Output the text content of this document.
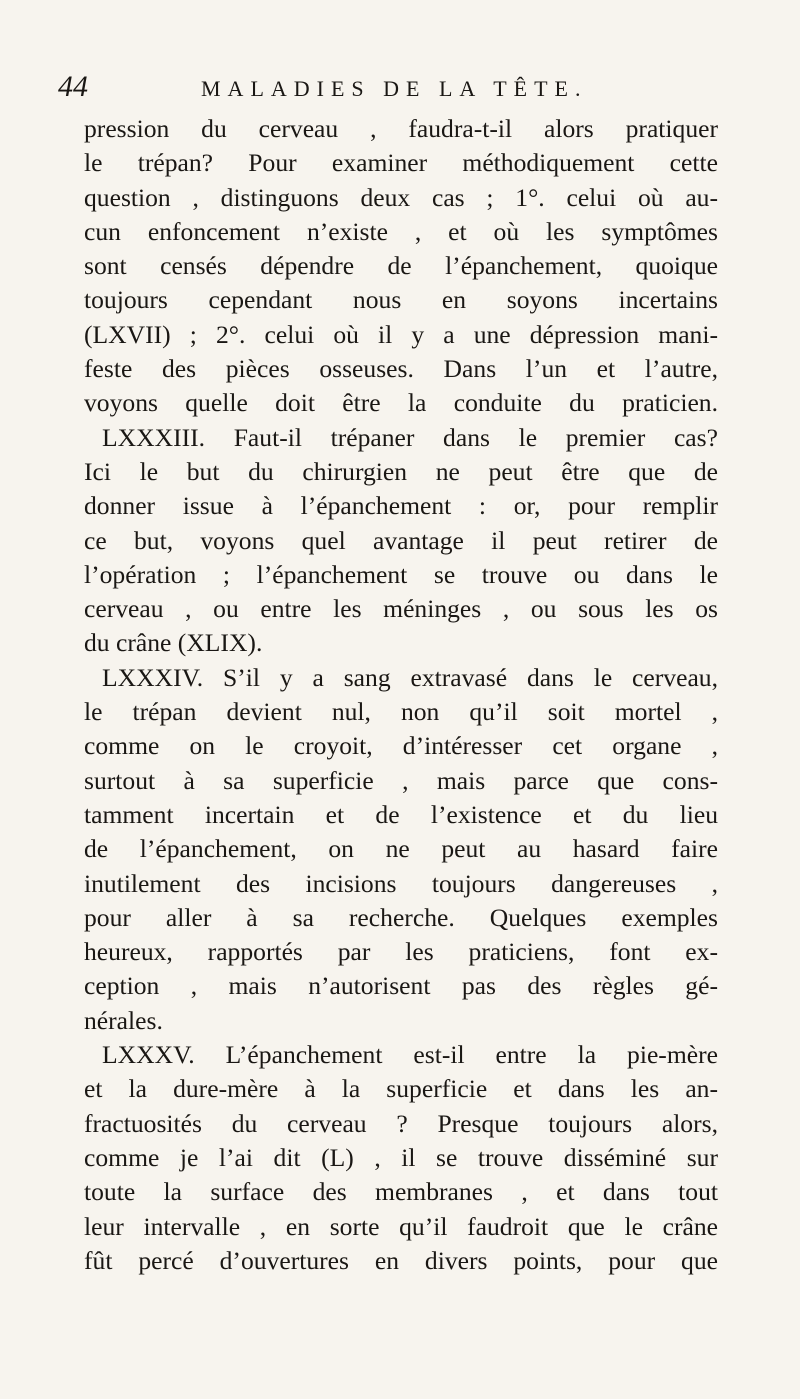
44	MALADIES DE LA TÊTE.
pression du cerveau , faudra-t-il alors pratiquer
le trépan? Pour examiner méthodiquement cette
question , distinguons deux cas ; 1°. celui où au-
cun enfoncement n’existe , et où les symptômes
sont censés dépendre de l’épanchement, quoique
toujours cependant nous en soyons incertains
(LXVII) ; 2°. celui où il y a une dépression mani-
feste des pièces osseuses. Dans l’un et l’autre,
voyons quelle doit être la conduite du praticien.
LXXXIII. Faut-il trépaner dans le premier cas?
Ici le but du chirurgien ne peut être que de
donner issue à l’épanchement : or, pour remplir
ce but, voyons quel avantage il peut retirer de
l’opération ; l’épanchement se trouve ou dans le
cerveau , ou entre les méninges , ou sous les os
du crâne (XLIX).
LXXXIV. S’il y a sang extravasé dans le cerveau,
le trépan devient nul, non qu’il soit mortel ,
comme on le croyoit, d’intéresser cet organe ,
surtout à sa superficie , mais parce que cons-
tamment incertain et de l’existence et du lieu
de l’épanchement, on ne peut au hasard faire
inutilement des incisions toujours dangereuses ,
pour aller à sa recherche. Quelques exemples
heureux, rapportés par les praticiens, font ex-
ception , mais n’autorisent pas des règles gé-
nérales.
LXXXV. L’épanchement est-il entre la pie-mère
et la dure-mère à la superficie et dans les an-
fractuosités du cerveau ? Presque toujours alors,
comme je l’ai dit (L) , il se trouve disséminé sur
toute la surface des membranes , et dans tout
leur intervalle , en sorte qu’il faudroit que le crâne
fût percé d’ouvertures en divers points, pour que
